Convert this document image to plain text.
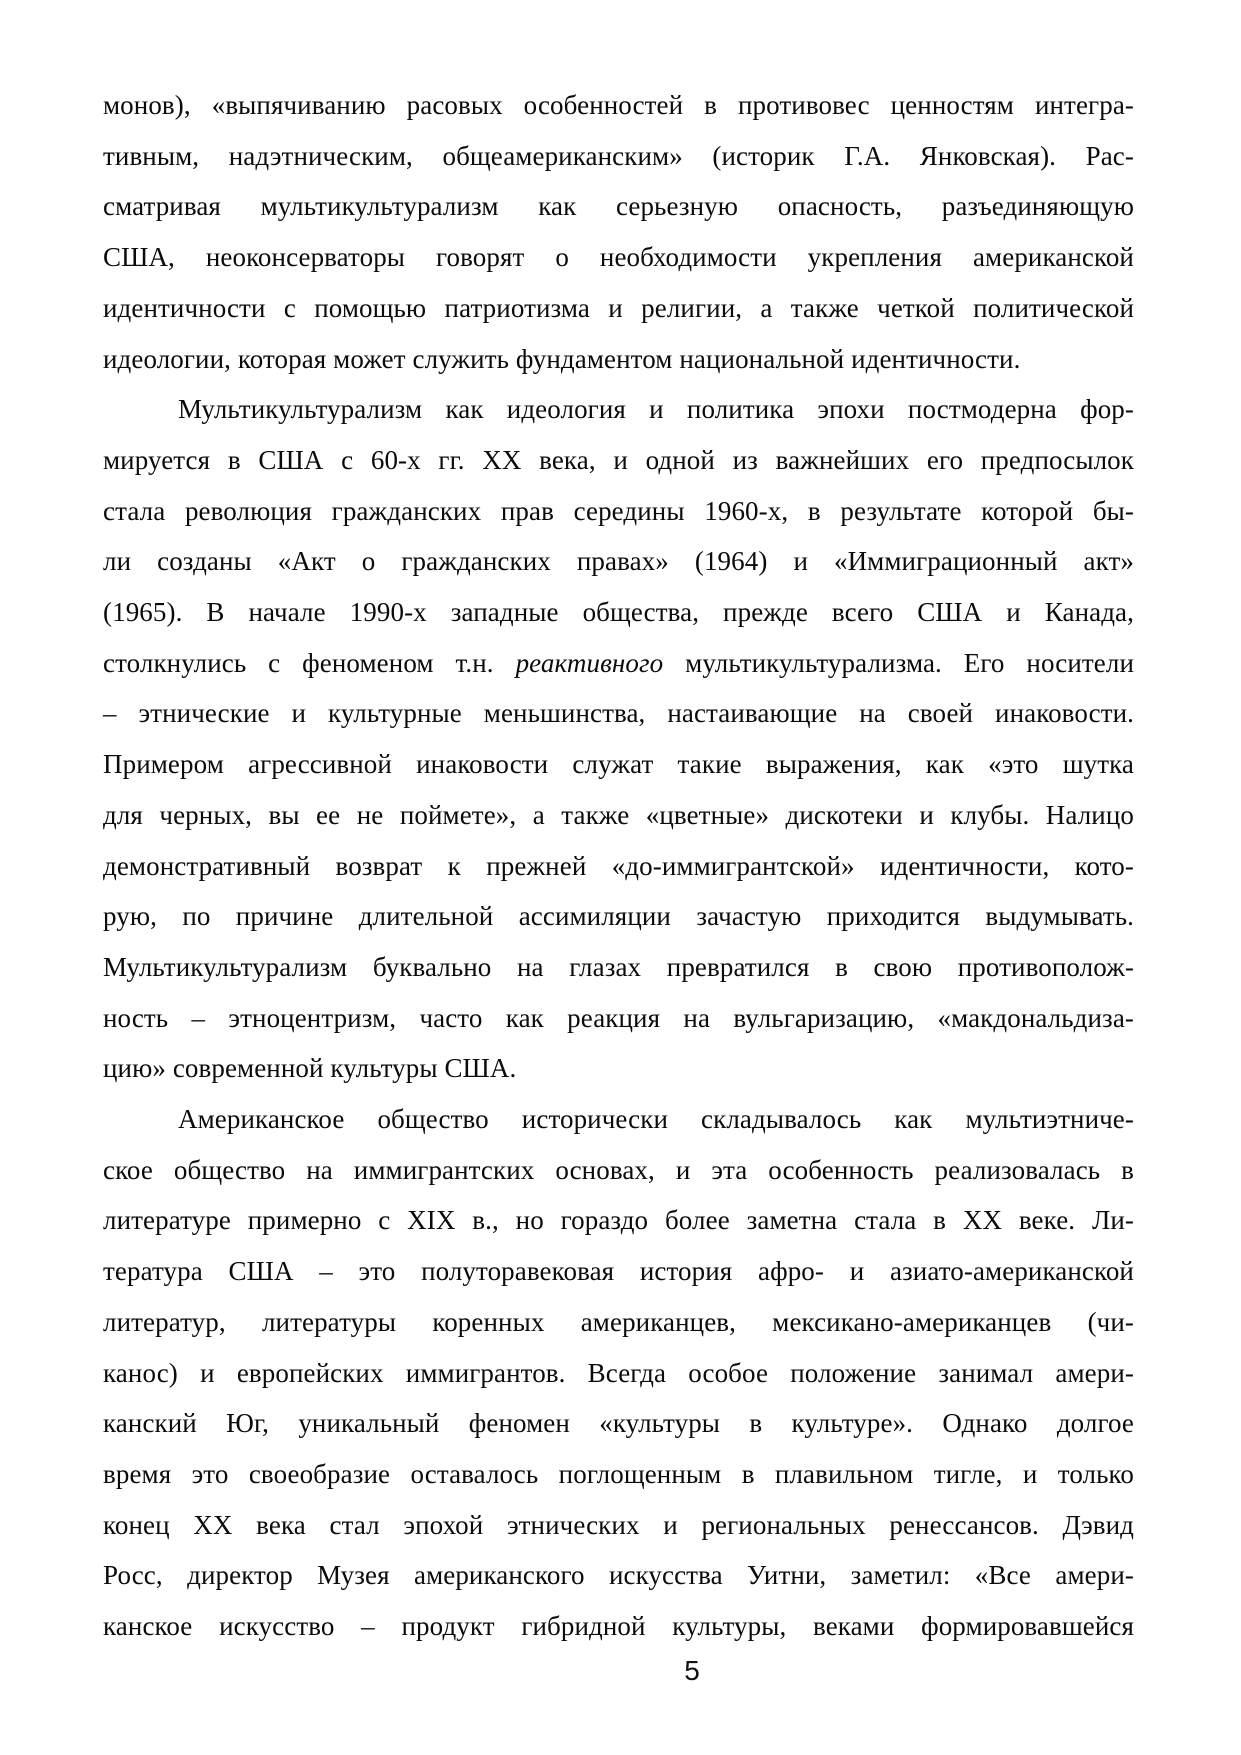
монов), «выпячиванию расовых особенностей в противовес ценностям интегра-
тивным, надэтническим, общеамериканским» (историк Г.А. Янковская). Рас-
сматривая мультикультурализм как серьезную опасность, разъединяющую
США, неоконсерваторы говорят о необходимости укрепления американской
идентичности с помощью патриотизма и религии, а также четкой политической
идеологии, которая может служить фундаментом национальной идентичности.
Мультикультурализм как идеология и политика эпохи постмодерна фор-
мируется в США с 60-х гг. XX века, и одной из важнейших его предпосылок
стала революция гражданских прав середины 1960-х, в результате которой бы-
ли созданы «Акт о гражданских правах» (1964) и «Иммиграционный акт»
(1965). В начале 1990-х западные общества, прежде всего США и Канада,
столкнулись с феноменом т.н. реактивного мультикультурализма. Его носители
– этнические и культурные меньшинства, настаивающие на своей инаковости.
Примером агрессивной инаковости служат такие выражения, как «это шутка
для черных, вы ее не поймете», а также «цветные» дискотеки и клубы. Налицо
демонстративный возврат к прежней «до-иммигрантской» идентичности, кото-
рую, по причине длительной ассимиляции зачастую приходится выдумывать.
Мультикультурализм буквально на глазах превратился в свою противополож-
ность – этноцентризм, часто как реакция на вульгаризацию, «макдональдиза-
цию» современной культуры США.
Американское общество исторически складывалось как мультиэтниче-
ское общество на иммигрантских основах, и эта особенность реализовалась в
литературе примерно с XIX в., но гораздо более заметна стала в XX веке. Ли-
тература США – это полуторавековая история афро- и азиато-американской
литератур, литературы коренных американцев, мексикано-американцев (чи-
канос) и европейских иммигрантов. Всегда особое положение занимал амери-
канский Юг, уникальный феномен «культуры в культуре». Однако долгое
время это своеобразие оставалось поглощенным в плавильном тигле, и только
конец XX века стал эпохой этнических и региональных ренессансов. Дэвид
Росс, директор Музея американского искусства Уитни, заметил: «Все амери-
канское искусство – продукт гибридной культуры, веками формировавшейся
5
